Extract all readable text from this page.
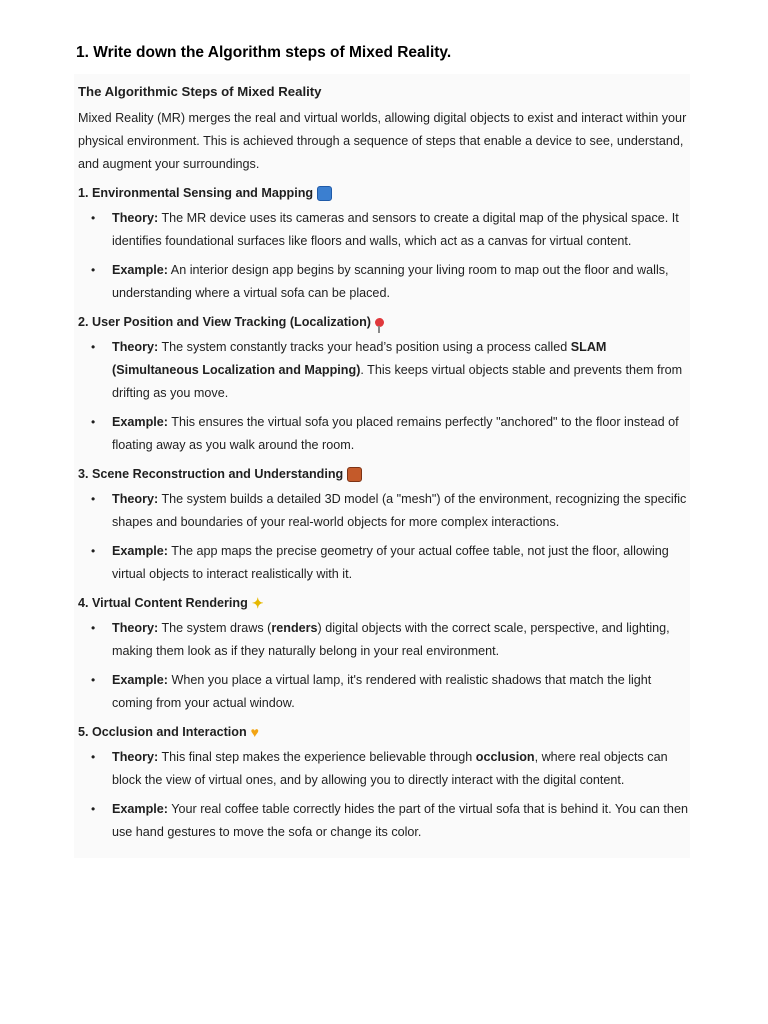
1. Write down the Algorithm steps of Mixed Reality.
The Algorithmic Steps of Mixed Reality

Mixed Reality (MR) merges the real and virtual worlds, allowing digital objects to exist and interact within your physical environment. This is achieved through a sequence of steps that enable a device to see, understand, and augment your surroundings.

1. Environmental Sensing and Mapping
• Theory: The MR device uses its cameras and sensors to create a digital map of the physical space. It identifies foundational surfaces like floors and walls, which act as a canvas for virtual content.
• Example: An interior design app begins by scanning your living room to map out the floor and walls, understanding where a virtual sofa can be placed.
2. User Position and View Tracking (Localization)
• Theory: The system constantly tracks your head’s position using a process called SLAM (Simultaneous Localization and Mapping). This keeps virtual objects stable and prevents them from drifting as you move.
• Example: This ensures the virtual sofa you placed remains perfectly "anchored" to the floor instead of floating away as you walk around the room.
3. Scene Reconstruction and Understanding
• Theory: The system builds a detailed 3D model (a "mesh") of the environment, recognizing the specific shapes and boundaries of your real-world objects for more complex interactions.
• Example: The app maps the precise geometry of your actual coffee table, not just the floor, allowing virtual objects to interact realistically with it.
4. Virtual Content Rendering ✦
• Theory: The system draws (renders) digital objects with the correct scale, perspective, and lighting, making them look as if they naturally belong in your real environment.
• Example: When you place a virtual lamp, it's rendered with realistic shadows that match the light coming from your actual window.
5. Occlusion and Interaction ♥
• Theory: This final step makes the experience believable through occlusion, where real objects can block the view of virtual ones, and by allowing you to directly interact with the digital content.
• Example: Your real coffee table correctly hides the part of the virtual sofa that is behind it. You can then use hand gestures to move the sofa or change its color.
